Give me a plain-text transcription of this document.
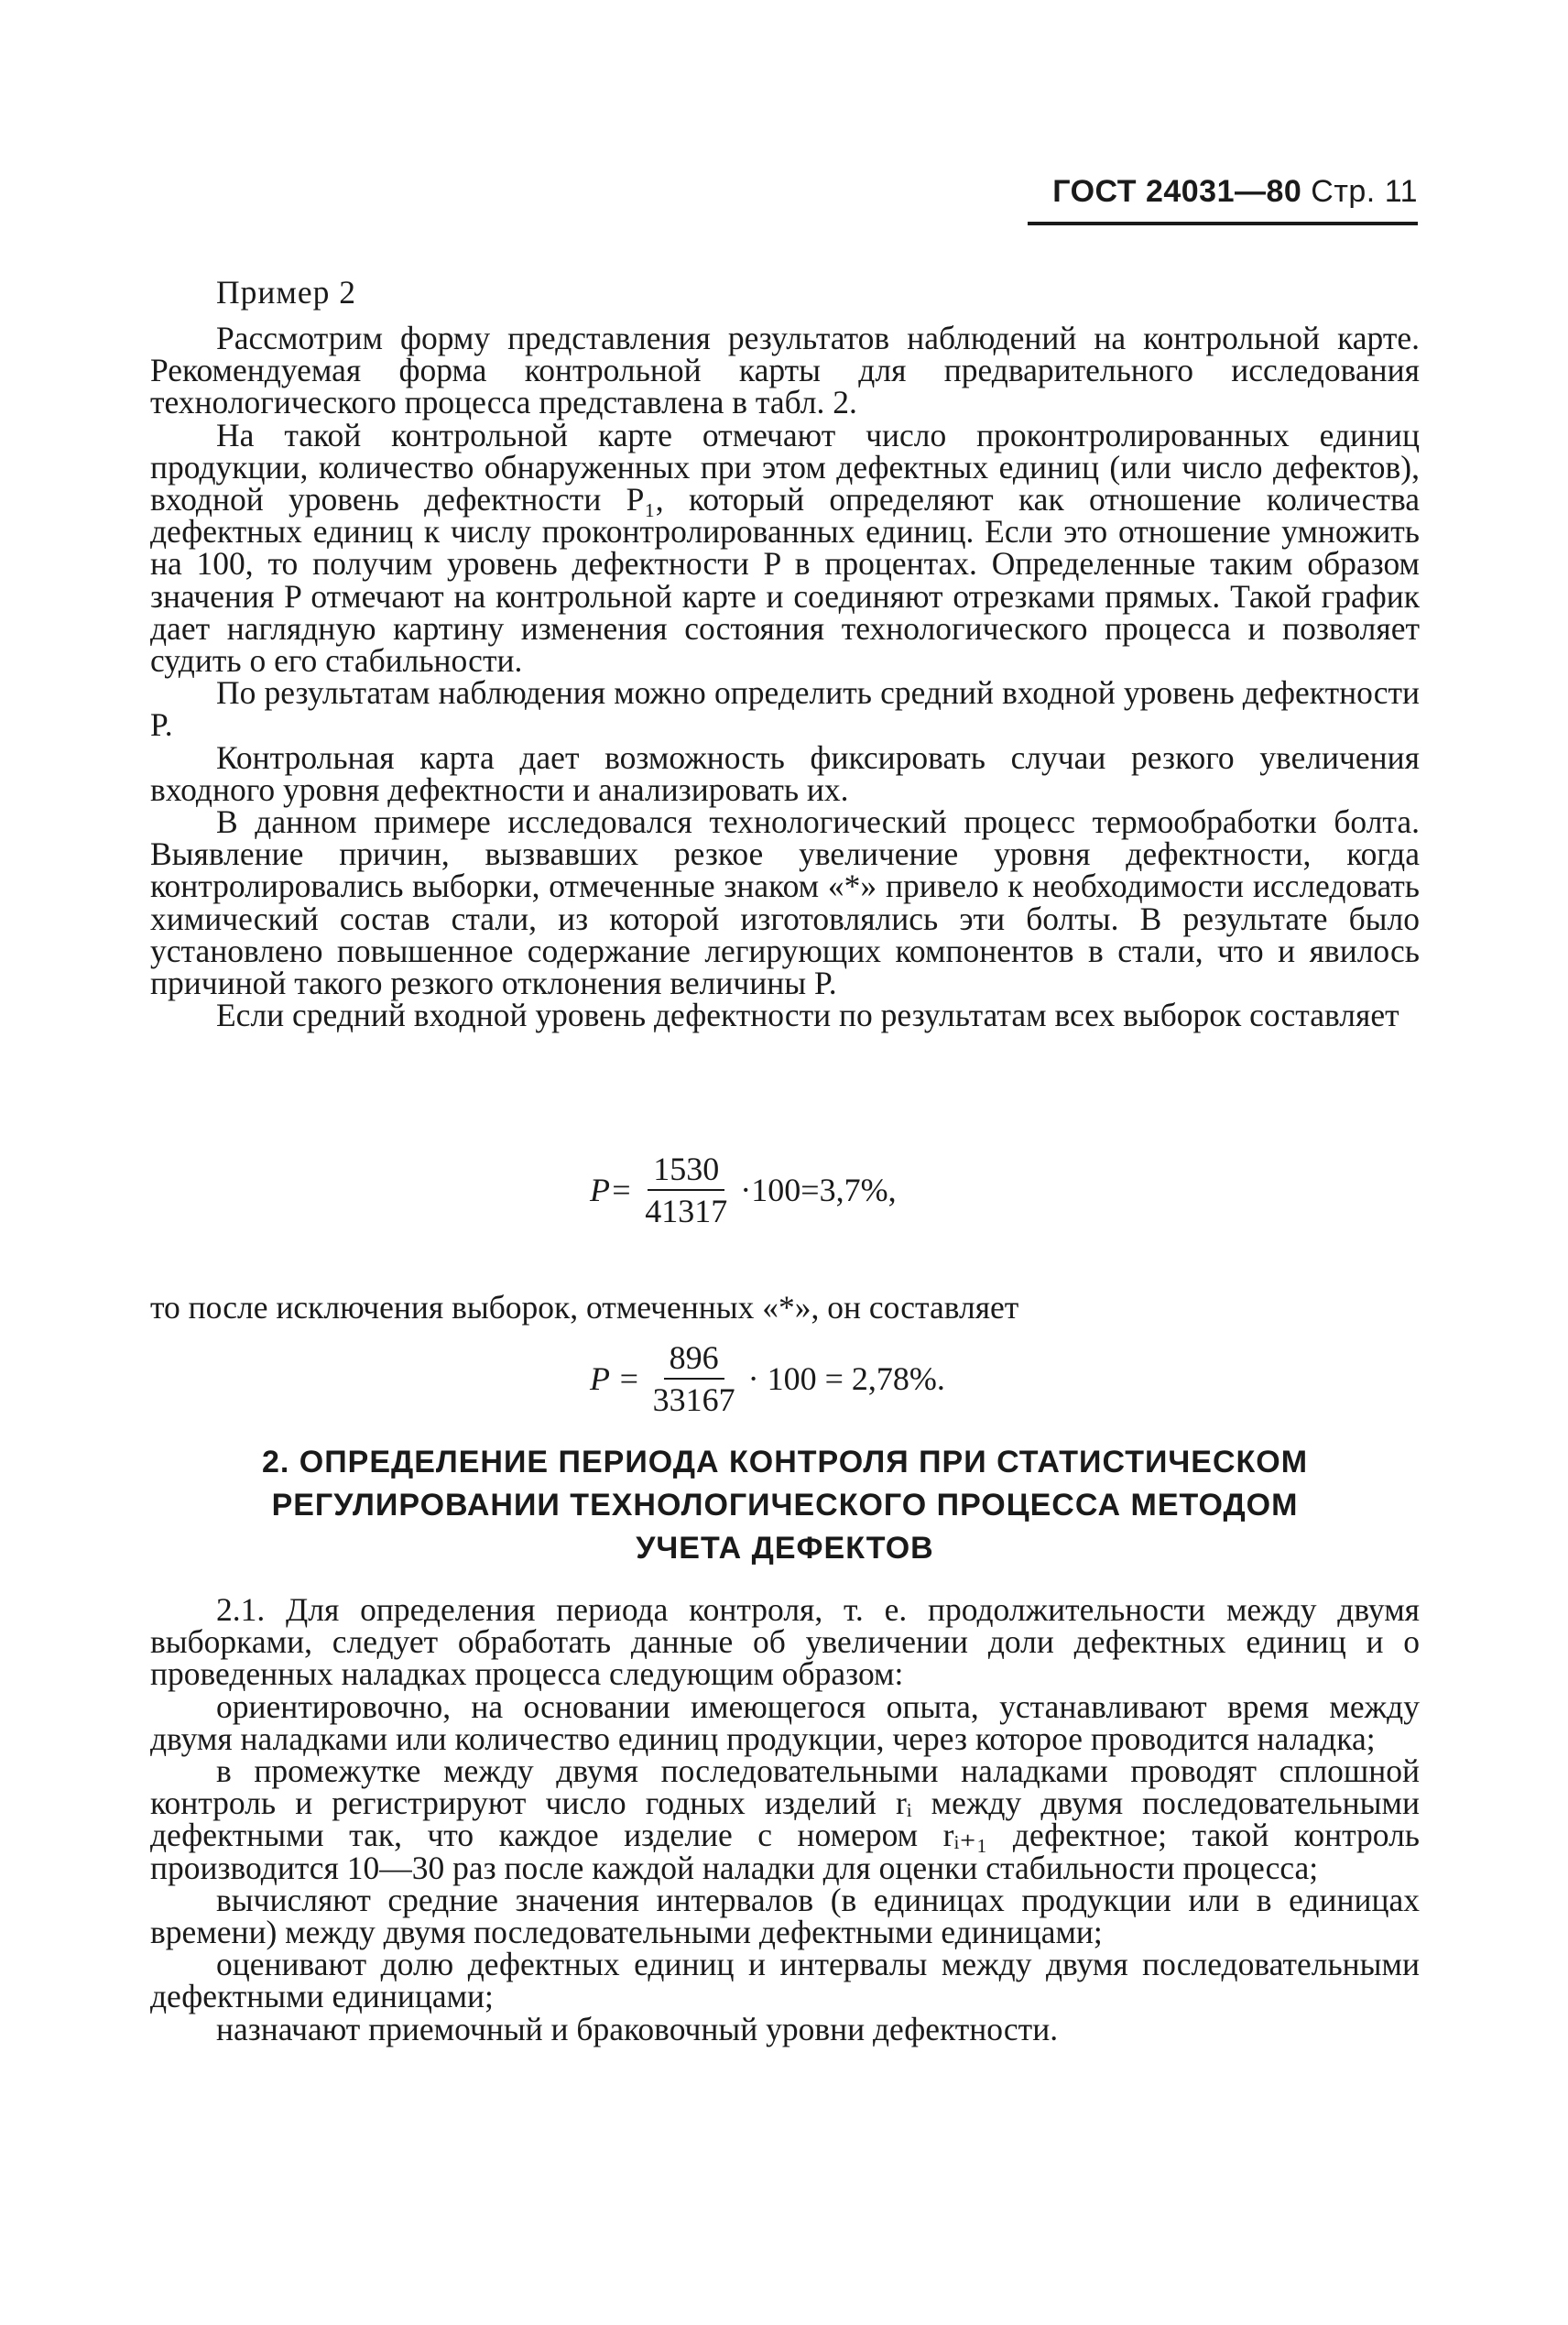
ГОСТ 24031—80 Стр. 11
Пример 2

Рассмотрим форму представления результатов наблюдений на контрольной карте. Рекомендуемая форма контрольной карты для предварительного исследования технологического процесса представлена в табл. 2.

На такой контрольной карте отмечают число проконтролированных единиц продукции, количество обнаруженных при этом дефектных единиц (или число дефектов), входной уровень дефектности P₁, который определяют как отношение количества дефектных единиц к числу проконтролированных единиц. Если это отношение умножить на 100, то получим уровень дефектности P в процентах. Определенные таким образом значения P отмечают на контрольной карте и соединяют отрезками прямых. Такой график дает наглядную картину изменения состояния технологического процесса и позволяет судить о его стабильности.

По результатам наблюдения можно определить средний входной уровень дефектности P.

Контрольная карта дает возможность фиксировать случаи резкого увеличения входного уровня дефектности и анализировать их.

В данном примере исследовался технологический процесс термообработки болта. Выявление причин, вызвавших резкое увеличение уровня дефектности, когда контролировались выборки, отмеченные знаком «*» привело к необходимости исследовать химический состав стали, из которой изготовлялись эти болты. В результате было установлено повышенное содержание легирующих компонентов в стали, что и явилось причиной такого резкого отклонения величины P.

Если средний входной уровень дефектности по результатам всех выборок составляет

$P= \frac{1530}{41317} \cdot 100=3,7\%$,

то после исключения выборок, отмеченных «*», он составляет

$P = \frac{896}{33167} \cdot 100 = 2,78\%$.
2. ОПРЕДЕЛЕНИЕ ПЕРИОДА КОНТРОЛЯ ПРИ СТАТИСТИЧЕСКОМ
РЕГУЛИРОВАНИИ ТЕХНОЛОГИЧЕСКОГО ПРОЦЕССА МЕТОДОМ
УЧЕТА ДЕФЕКТОВ

2.1. Для определения периода контроля, т. е. продолжительности между двумя выборками, следует обработать данные об увеличении доли дефектных единиц и о проведенных наладках процесса следующим образом:

ориентировочно, на основании имеющегося опыта, устанавливают время между двумя наладками или количество единиц продукции, через которое проводится наладка;

в промежутке между двумя последовательными наладками проводят сплошной контроль и регистрируют число годных изделий rᵢ между двумя последовательными дефектными так, что каждое изделие с номером rᵢ₊₁ дефектное; такой контроль производится 10—30 раз после каждой наладки для оценки стабильности процесса;

вычисляют средние значения интервалов (в единицах продукции или в единицах времени) между двумя последовательными дефектными единицами;

оценивают долю дефектных единиц и интервалы между двумя последовательными дефектными единицами;

назначают приемочный и браковочный уровни дефектности.
